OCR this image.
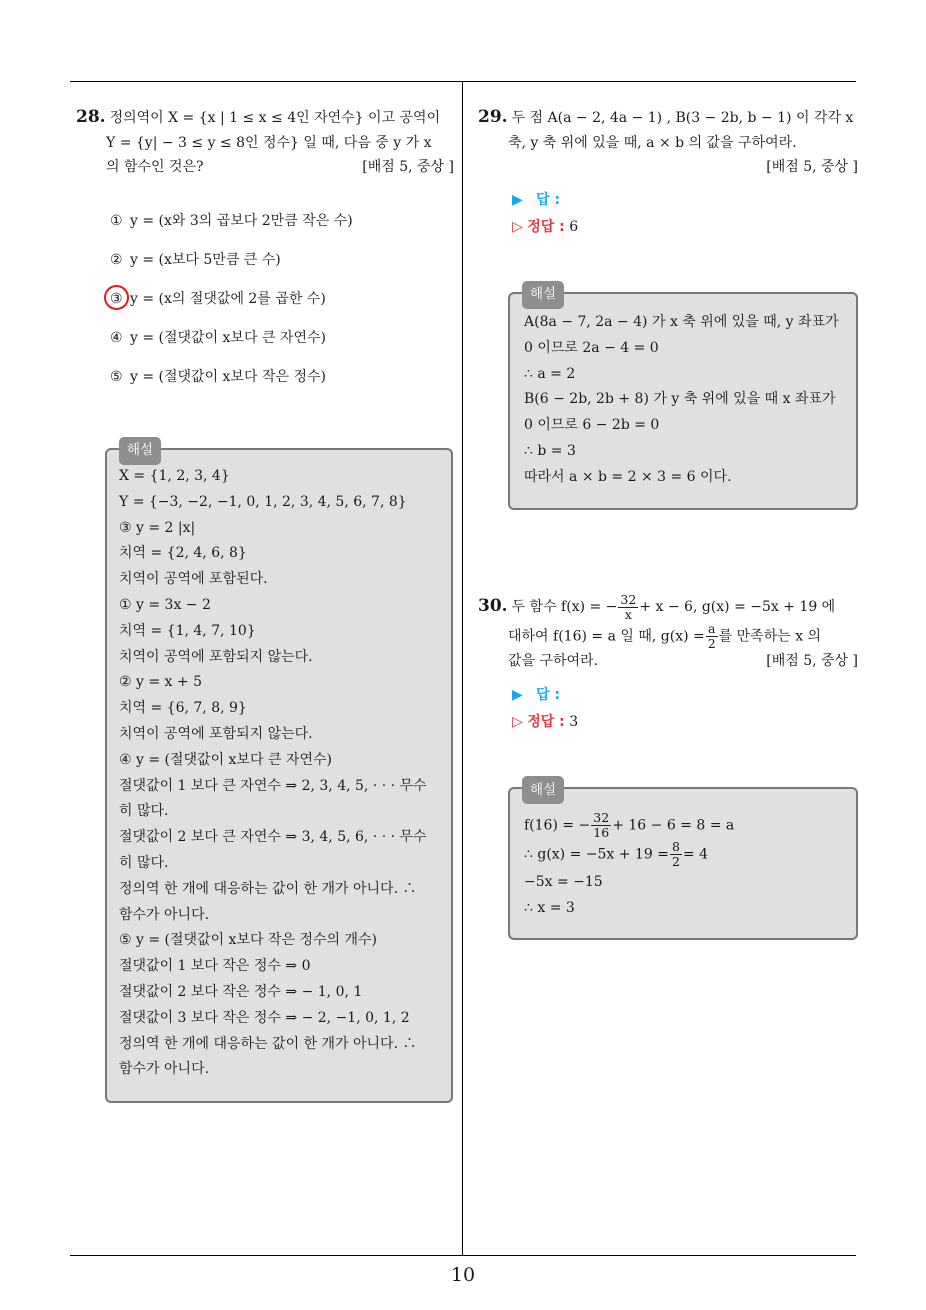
28. 정의역이 X = {x | 1 ≤ x ≤ 4인 자연수} 이고 공역이
Y = {y| − 3 ≤ y ≤ 8인 정수} 일 때, 다음 중 y 가 x
의 함수인 것은?	[배점 5, 중상 ]
① y = (x와 3의 곱보다 2만큼 작은 수)
② y = (x보다 5만큼 큰 수)
③ y = (x의 절댓값에 2를 곱한 수)
④ y = (절댓값이 x보다 큰 자연수)
⑤ y = (절댓값이 x보다 작은 정수)
해설
X = {1, 2, 3, 4}
Y = {−3, −2, −1, 0, 1, 2, 3, 4, 5, 6, 7, 8}
③ y = 2 |x|
치역 = {2, 4, 6, 8}
치역이 공역에 포함된다.
① y = 3x − 2
치역 = {1, 4, 7, 10}
치역이 공역에 포함되지 않는다.
② y = x + 5
치역 = {6, 7, 8, 9}
치역이 공역에 포함되지 않는다.
④ y = (절댓값이 x보다 큰 자연수)
절댓값이 1 보다 큰 자연수 ⇒ 2, 3, 4, 5, · · · 무수
히 많다.
절댓값이 2 보다 큰 자연수 ⇒ 3, 4, 5, 6, · · · 무수
히 많다.
정의역 한 개에 대응하는 값이 한 개가 아니다. ∴
함수가 아니다.
⑤ y = (절댓값이 x보다 작은 정수의 개수)
절댓값이 1 보다 작은 정수 ⇒ 0
절댓값이 2 보다 작은 정수 ⇒ − 1, 0, 1
절댓값이 3 보다 작은 정수 ⇒ − 2, −1, 0, 1, 2
정의역 한 개에 대응하는 값이 한 개가 아니다. ∴
함수가 아니다.
29. 두 점 A(a − 2, 4a − 1) , B(3 − 2b, b − 1) 이 각각 x
축, y 축 위에 있을 때, a × b 의 값을 구하여라.
[배점 5, 중상 ]
▶ 답 :
▷ 정답 : 6
해설
A(8a − 7, 2a − 4) 가 x 축 위에 있을 때, y 좌표가
0 이므로 2a − 4 = 0
∴ a = 2
B(6 − 2b, 2b + 8) 가 y 축 위에 있을 때 x 좌표가
0 이므로 6 − 2b = 0
∴ b = 3
따라서 a × b = 2 × 3 = 6 이다.
30. 두 함수 f(x) = − $\frac{32}{x} + x - 6$, g(x) = −5x + 19 에
대하여 f(16) = a 일 때, $g(x) = \frac{a}{2}$ 를 만족하는 x 의
값을 구하여라.	[배점 5, 중상 ]
▶ 답 :
▷ 정답 : 3
해설
f(16) = − $\frac{32}{16} + 16 - 6 = 8 = a$
∴ $g(x) = -5x + 19 = \frac{8}{2} = 4$
−5x = −15
∴ x = 3
10
